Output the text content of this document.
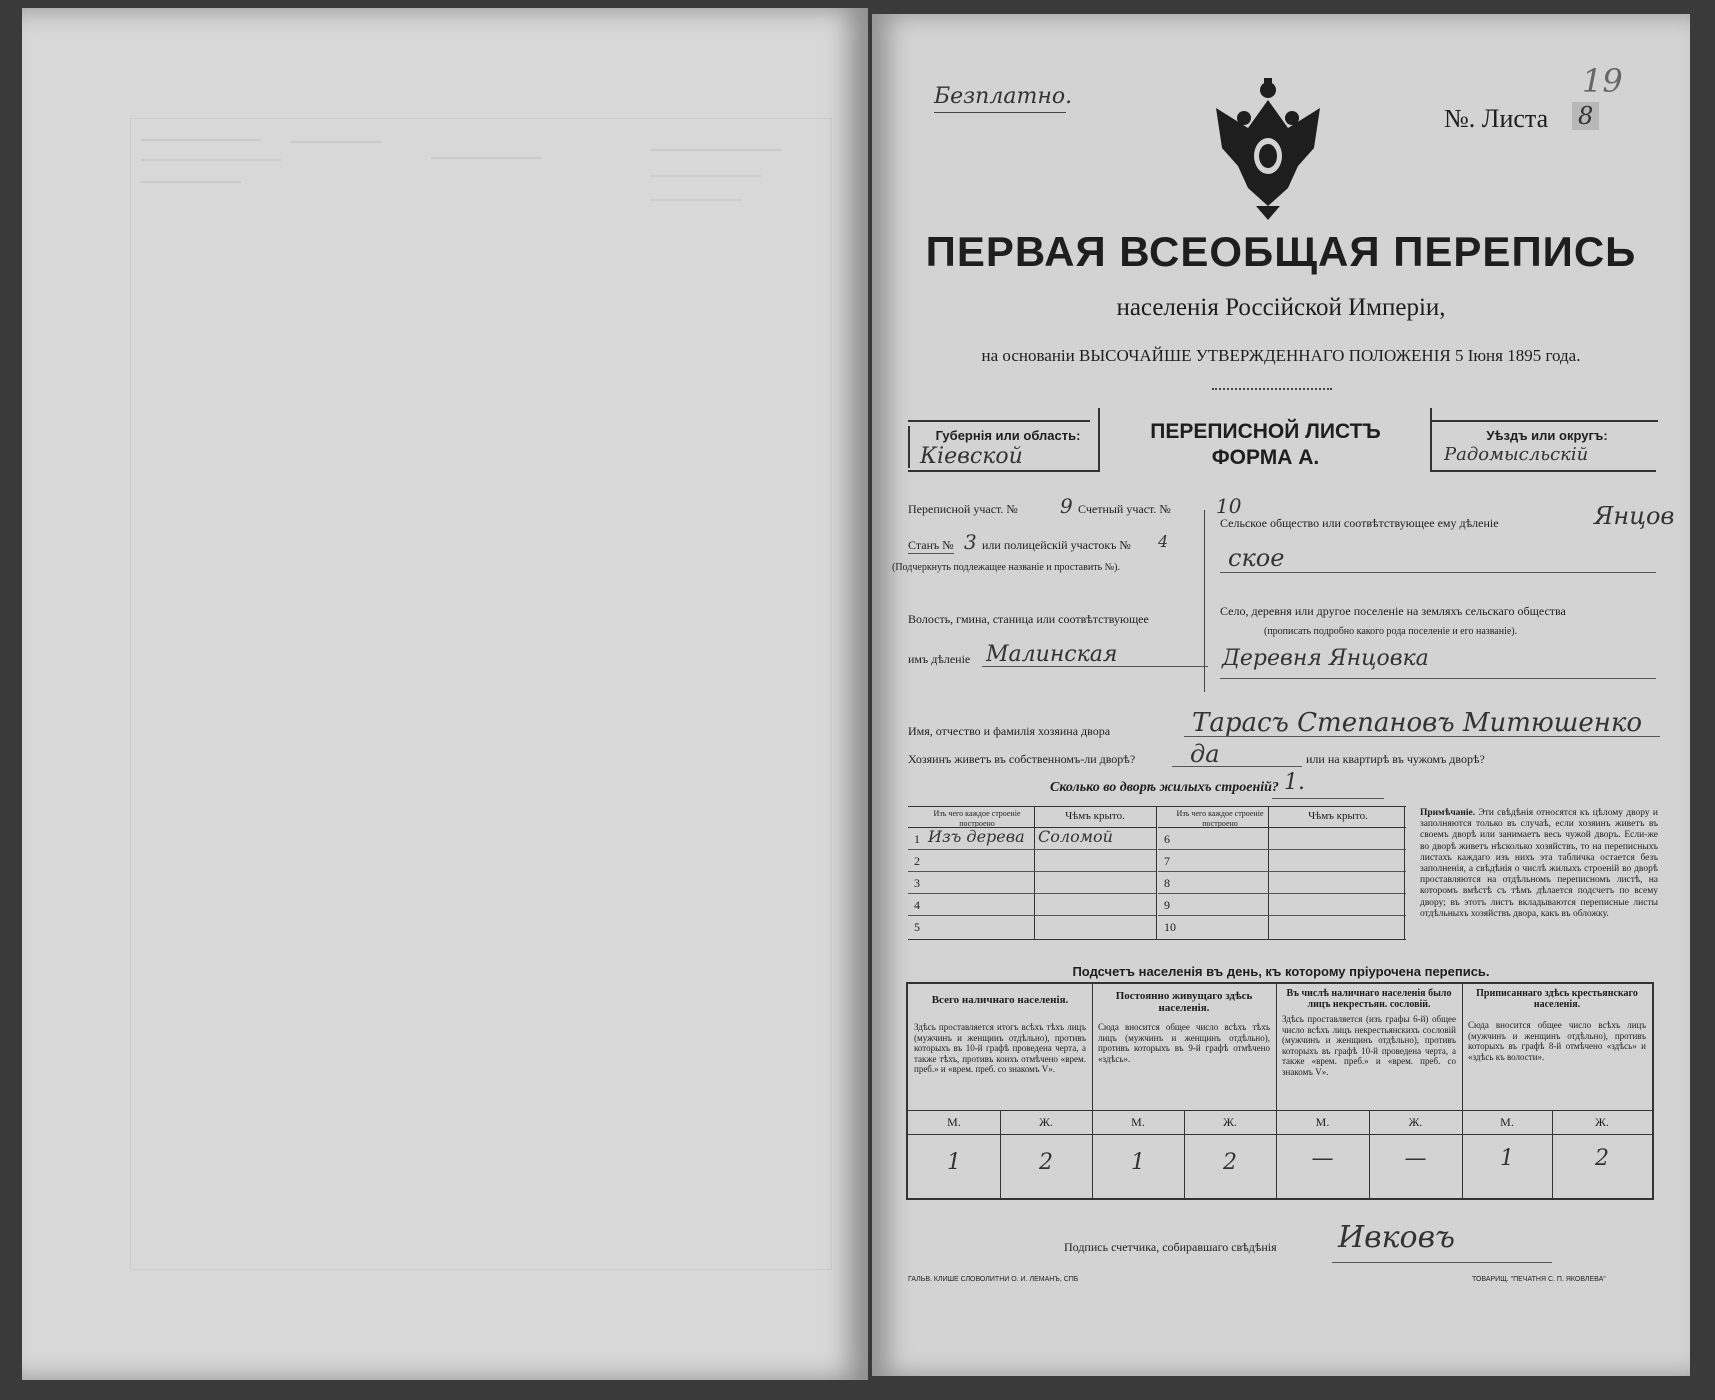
Безплатно.
№. Листа 8
19
ПЕРВАЯ ВСЕОБЩАЯ ПЕРЕПИСЬ
населенія Россійской Имперіи,
на основаніи ВЫСОЧАЙШЕ УТВЕРЖДЕННАГО ПОЛОЖЕНІЯ 5 Іюня 1895 года.
Губернія или область:
Кіевской
ПЕРЕПИСНОЙ ЛИСТЪ
ФОРМА А.
Уѣздъ или округъ:
Радомысльскій
Переписной участ. № 9 Счетный участ. № 10
Станъ № 3 или полицейскій участокъ № 4
(Подчеркнуть подлежащее названіе и проставить №).
Волость, гмина, станица или соотвѣтствующее
имъ дѣленіе Малинская
Сельское общество или соотвѣтствующее ему дѣленіе	Янцов
ское
Село, деревня или другое поселеніе на земляхъ сельскаго общества
(прописать подробно какого рода поселеніе и его названіе).
Деревня Янцовка
Имя, отчество и фамилія хозяина двора	Тарасъ Степановъ Митюшенко
Хозяинъ живетъ въ собственномъ-ли дворѣ? да	или на квартирѣ въ чужомъ дворѣ?
Сколько во дворѣ жилыхъ строеній? 1.
Изъ чего каждое строеніе построено
Чѣмъ крыто.
1 Изъ дерева Соломой
2
3
4
5
Изъ чего каждое строеніе построено
Чѣмъ крыто.
6
7
8
9
10
Примѣчаніе. Эти свѣдѣнія относятся къ цѣлому двору и заполняются только въ случаѣ, если хозяинъ живетъ въ своемъ дворѣ или занимаетъ весь чужой дворъ. Если-же во дворѣ живетъ нѣсколько хозяйствъ, то на переписныхъ листахъ каждаго изъ нихъ эта табличка остается безъ заполненія, а свѣдѣнія о числѣ жилыхъ строеній во дворѣ проставляются на отдѣльномъ переписномъ листѣ, на которомъ вмѣстѣ съ тѣмъ дѣлается подсчетъ по всему двору; въ этотъ листъ вкладываются переписные листы отдѣльныхъ хозяйствъ двора, какъ въ обложку.
Подсчетъ населенія въ день, къ которому пріурочена перепись.
Всего наличнаго населенія.
Здѣсь проставляется итогъ всѣхъ тѣхъ лицъ (мужчинъ и женщинъ отдѣльно), противъ которыхъ въ 10-й графѣ проведена черта, а также тѣхъ, противъ коихъ отмѣчено «врем. преб.» и «врем. преб. со знакомъ V».
М.	Ж.
1	2
Постоянно живущаго здѣсь населенія.
Сюда вносится общее число всѣхъ тѣхъ лицъ (мужчинъ и женщинъ отдѣльно), противъ которыхъ въ 9-й графѣ отмѣчено «здѣсь».
М.	Ж.
1	2
Въ числѣ наличнаго населенія было лицъ некрестьян. сословій.
Здѣсь проставляется (изъ графы 6-й) общее число всѣхъ лицъ некрестьянскихъ сословій (мужчинъ и женщинъ отдѣльно), противъ которыхъ въ графѣ 10-й проведена черта, а также «врем. преб.» и «врем. преб. со знакомъ V».
М.	Ж.
—	—
Приписаннаго здѣсь крестьянскаго населенія.
Сюда вносится общее число всѣхъ лицъ (мужчинъ и женщинъ отдѣльно), противъ которыхъ въ графѣ 8-й отмѣчено «здѣсь» и «здѣсь къ волости».
М.	Ж.
1	2
Подпись счетчика, собиравшаго свѣдѣнія Ивковъ
ГАЛЬВ. КЛИШЕ СЛОВОЛИТНИ О. И. ЛЕМАНЪ, СПБ	ТОВАРИЩ. "ПЕЧАТНЯ С. П. ЯКОВЛЕВА"
